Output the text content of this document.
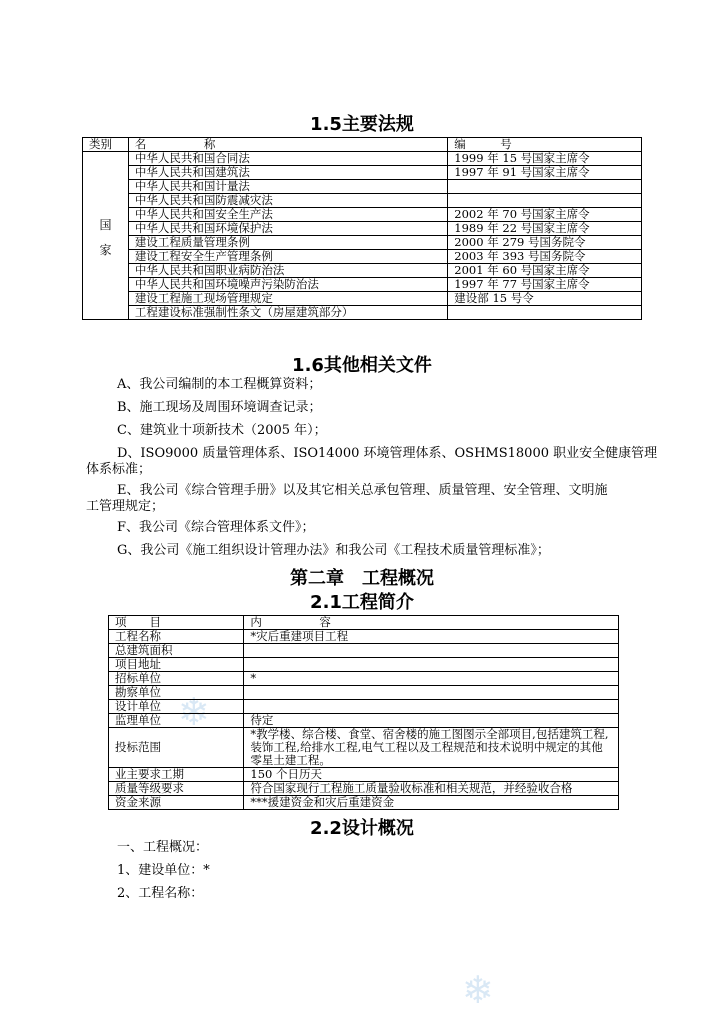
❄
❄
1.5主要法规
类别	名　　　　　称	编　　　号

国
家	中华人民共和国合同法	1999 年 15 号国家主席令
	中华人民共和国建筑法	1997 年 91 号国家主席令
	中华人民共和国计量法	
	中华人民共和国防震减灾法	
	中华人民共和国安全生产法	2002 年 70 号国家主席令
	中华人民共和国环境保护法	1989 年 22 号国家主席令
	建设工程质量管理条例	2000 年 279 号国务院令
	建设工程安全生产管理条例	2003 年 393 号国务院令
	中华人民共和国职业病防治法	2001 年 60 号国家主席令
	中华人民共和国环境噪声污染防治法	1997 年 77 号国家主席令
	建设工程施工现场管理规定	建设部 15 号令
	工程建设标准强制性条文（房屋建筑部分）	
1.6其他相关文件

A、我公司编制的本工程概算资料；

B、施工现场及周围环境调查记录；

C、建筑业十项新技术（2005 年）；

D、ISO9000 质量管理体系、ISO14000 环境管理体系、OSHMS18000 职业安全健康管理

体系标准；

E、我公司《综合管理手册》以及其它相关总承包管理、质量管理、安全管理、文明施

工管理规定；

F、我公司《综合管理体系文件》；

G、我公司《施工组织设计管理办法》和我公司《工程技术质量管理标准》；

第二章　工程概况
2.1工程简介
项　　目	内　　　　　容
工程名称	*灾后重建项目工程
总建筑面积	
项目地址	
招标单位	*
勘察单位	
设计单位	
监理单位	待定
投标范围	*教学楼、综合楼、食堂、宿舍楼的施工图图示全部项目,包括建筑工程,装饰工程,给排水工程,电气工程以及工程规范和技术说明中规定的其他零星土建工程。
业主要求工期	150 个日历天
质量等级要求	符合国家现行工程施工质量验收标准和相关规范，并经验收合格
资金来源	***援建资金和灾后重建资金
2.2设计概况

一、工程概况：

1、建设单位：*

2、工程名称：
